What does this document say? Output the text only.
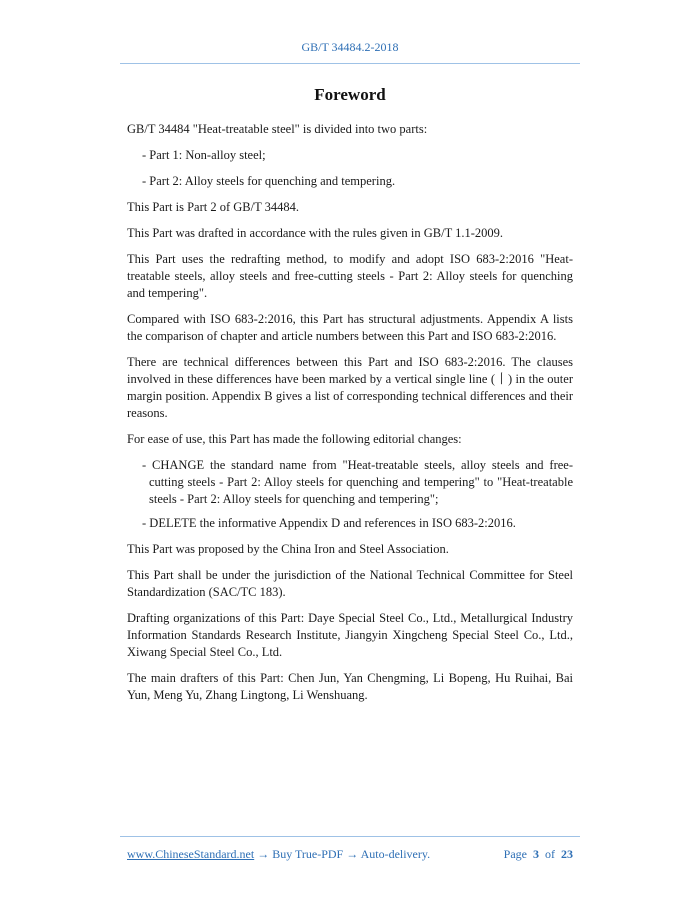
GB/T 34484.2-2018
Foreword

GB/T 34484 "Heat-treatable steel" is divided into two parts:

- Part 1: Non-alloy steel;

- Part 2: Alloy steels for quenching and tempering.

This Part is Part 2 of GB/T 34484.

This Part was drafted in accordance with the rules given in GB/T 1.1-2009.

This Part uses the redrafting method, to modify and adopt ISO 683-2:2016 "Heat-treatable steels, alloy steels and free-cutting steels - Part 2: Alloy steels for quenching and tempering".

Compared with ISO 683-2:2016, this Part has structural adjustments. Appendix A lists the comparison of chapter and article numbers between this Part and ISO 683-2:2016.

There are technical differences between this Part and ISO 683-2:2016. The clauses involved in these differences have been marked by a vertical single line (丨) in the outer margin position. Appendix B gives a list of corresponding technical differences and their reasons.

For ease of use, this Part has made the following editorial changes:

- CHANGE the standard name from "Heat-treatable steels, alloy steels and free-cutting steels - Part 2: Alloy steels for quenching and tempering" to "Heat-treatable steels - Part 2: Alloy steels for quenching and tempering";

- DELETE the informative Appendix D and references in ISO 683-2:2016.

This Part was proposed by the China Iron and Steel Association.

This Part shall be under the jurisdiction of the National Technical Committee for Steel Standardization (SAC/TC 183).

Drafting organizations of this Part: Daye Special Steel Co., Ltd., Metallurgical Industry Information Standards Research Institute, Jiangyin Xingcheng Special Steel Co., Ltd., Xiwang Special Steel Co., Ltd.

The main drafters of this Part: Chen Jun, Yan Chengming, Li Bopeng, Hu Ruihai, Bai Yun, Meng Yu, Zhang Lingtong, Li Wenshuang.

www.ChineseStandard.net → Buy True-PDF → Auto-delivery.	Page 3 of 23
